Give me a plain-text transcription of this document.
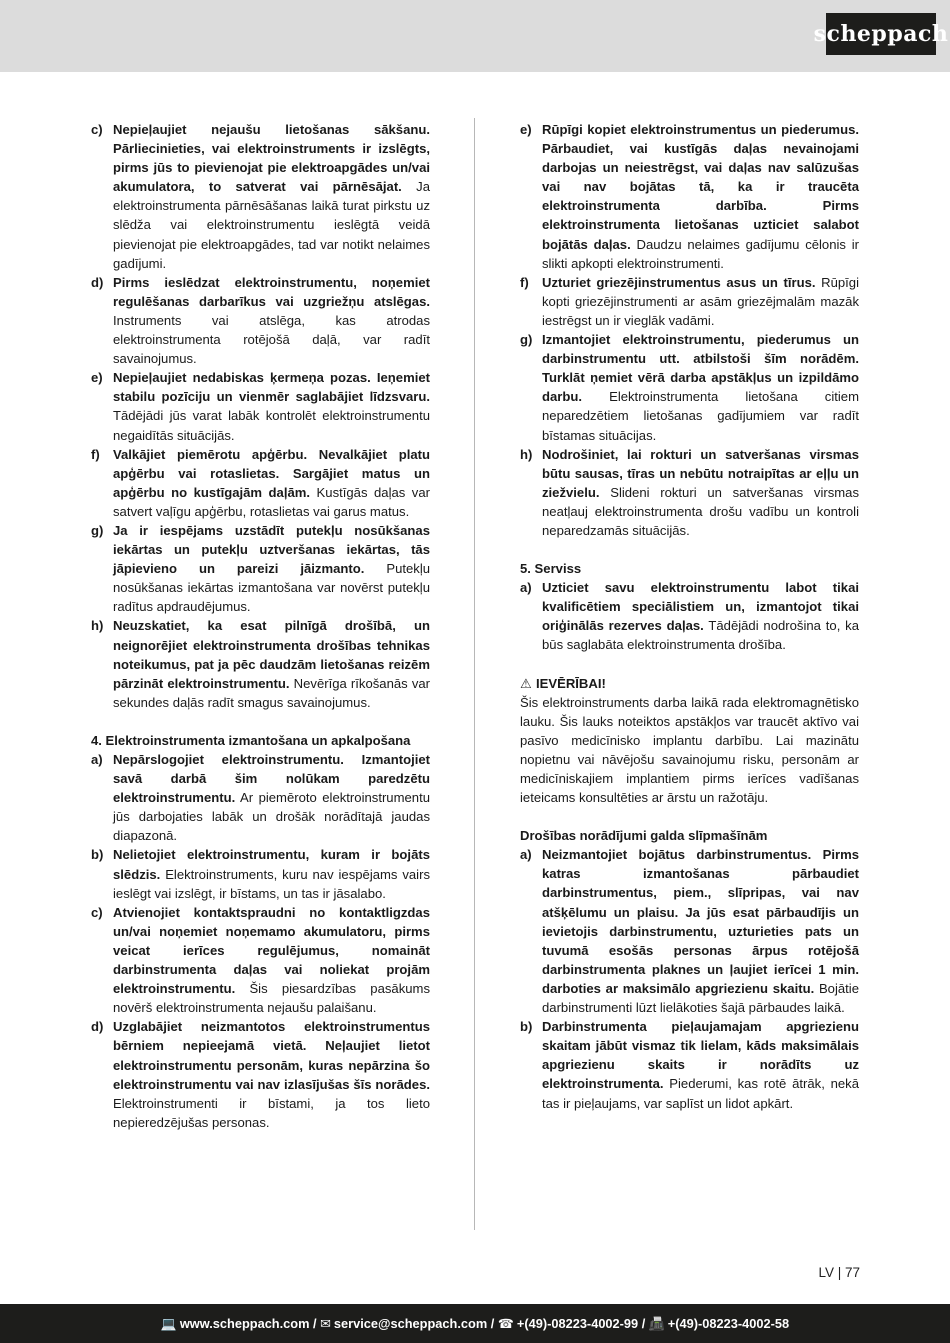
scheppach
c) Nepieļaujiet nejaušu lietošanas sākšanu. Pārliecinieties, vai elektroinstruments ir izslēgts, pirms jūs to pievienojat pie elektroapgādes un/vai akumulatora, to satverat vai pārnēsājat. Ja elektroinstrumenta pārnēsāšanas laikā turat pirkstu uz slēdža vai elektroinstrumentu ieslēgtā veidā pievienojat pie elektroapgādes, tad var notikt nelaimes gadījumi.
d) Pirms ieslēdzat elektroinstrumentu, noņemiet regulēšanas darbarīkus vai uzgriežņu atslēgas. Instruments vai atslēga, kas atrodas elektroinstrumenta rotējošā daļā, var radīt savainojumus.
e) Nepieļaujiet nedabiskas ķermeņa pozas. Ieņemiet stabilu pozīciju un vienmēr saglabājiet līdzsvaru. Tādējādi jūs varat labāk kontrolēt elektroinstrumentu negaidītās situācijās.
f) Valkājiet piemērotu apģērbu. Nevalkājiet platu apģērbu vai rotaslietas. Sargājiet matus un apģērbu no kustīgajām daļām. Kustīgās daļas var satvert vaļīgu apģērbu, rotaslietas vai garus matus.
g) Ja ir iespējams uzstādīt putekļu nosūkšanas iekārtas un putekļu uztveršanas iekārtas, tās jāpievieno un pareizi jāizmanto. Putekļu nosūkšanas iekārtas izmantošana var novērst putekļu radītus apdraudējumus.
h) Neuzskatiet, ka esat pilnīgā drošībā, un neignorējiet elektroinstrumenta drošības tehnikas noteikumus, pat ja pēc daudzām lietošanas reizēm pārzināt elektroinstrumentu. Nevērīga rīkošanās var sekundes daļās radīt smagus savainojumus.
4. Elektroinstrumenta izmantošana un apkalpošana
a) Nepārslogojiet elektroinstrumentu. Izmantojiet savā darbā šim nolūkam paredzētu elektroinstrumentu. Ar piemēroto elektroinstrumentu jūs darbojaties labāk un drošāk norādītajā jaudas diapazonā.
b) Nelietojiet elektroinstrumentu, kuram ir bojāts slēdzis. Elektroinstruments, kuru nav iespējams vairs ieslēgt vai izslēgt, ir bīstams, un tas ir jāsalabo.
c) Atvienojiet kontaktspraudni no kontaktligzdas un/vai noņemiet noņemamo akumulatoru, pirms veicat ierīces regulējumus, nomaināt darbinstrumenta daļas vai noliekat projām elektroinstrumentu. Šis piesardzības pasākums novērš elektroinstrumenta nejaušu palaišanu.
d) Uzglabājiet neizmantotos elektroinstrumentus bērniem nepieejamā vietā. Neļaujiet lietot elektroinstrumentu personām, kuras nepārzina šo elektroinstrumentu vai nav izlasījušas šīs norādes. Elektroinstrumenti ir bīstami, ja tos lieto nepieredzējušas personas.
e) Rūpīgi kopiet elektroinstrumentus un piederumus. Pārbaudiet, vai kustīgās daļas nevainojami darbojas un neiestrēgst, vai daļas nav salūzušas vai nav bojātas tā, ka ir traucēta elektroinstrumenta darbība. Pirms elektroinstrumenta lietošanas uzticiet salabot bojātās daļas. Daudzu nelaimes gadījumu cēlonis ir slikti apkopti elektroinstrumenti.
f) Uzturiet griezējinstrumentus asus un tīrus. Rūpīgi kopti griezējinstrumenti ar asām griezējmalām mazāk iestrēgst un ir vieglāk vadāmi.
g) Izmantojiet elektroinstrumentu, piederumus un darbinstrumentu utt. atbilstoši šīm norādēm. Turklāt ņemiet vērā darba apstākļus un izpildāmo darbu. Elektroinstrumenta lietošana citiem neparedzētiem lietošanas gadījumiem var radīt bīstamas situācijas.
h) Nodrošiniet, lai rokturi un satveršanas virsmas būtu sausas, tīras un nebūtu notraipītas ar eļļu un ziežvielu. Slideni rokturi un satveršanas virsmas neatļauj elektroinstrumenta drošu vadību un kontroli neparedzamās situācijās.
5. Serviss
a) Uzticiet savu elektroinstrumentu labot tikai kvalificētiem speciālistiem un, izmantojot tikai oriģinālās rezerves daļas. Tādējādi nodrošina to, ka būs saglabāta elektroinstrumenta drošība.
⚠ IEVĒRĪBAI!
Šis elektroinstruments darba laikā rada elektromagnētisko lauku. Šis lauks noteiktos apstākļos var traucēt aktīvo vai pasīvo medicīnisko implantu darbību. Lai mazinātu nopietnu vai nāvējošu savainojumu risku, personām ar medicīniskajiem implantiem pirms ierīces vadīšanas ieteicams konsultēties ar ārstu un ražotāju.
Drošības norādījumi galda slīpmašīnām
a) Neizmantojiet bojātus darbinstrumentus. Pirms katras izmantošanas pārbaudiet darbinstrumentus, piem., slīpripas, vai nav atšķēlumu un plaisu. Ja jūs esat pārbaudījis un ievietojis darbinstrumentu, uzturieties pats un tuvumā esošās personas ārpus rotējošā darbinstrumenta plaknes un ļaujiet ierīcei 1 min. darboties ar maksimālo apgriezienu skaitu. Bojātie darbinstrumenti lūzt lielākoties šajā pārbaudes laikā.
b) Darbinstrumenta pieļaujamajam apgriezienu skaitam jābūt vismaz tik lielam, kāds maksimālais apgriezienu skaits ir norādīts uz elektroinstrumenta. Piederumi, kas rotē ātrāk, nekā tas ir pieļaujams, var saplīst un lidot apkārt.
LV | 77
💻 www.scheppach.com /
✉ service@scheppach.com /
☎ +(49)-08223-4002-99 /
📠 +(49)-08223-4002-58
